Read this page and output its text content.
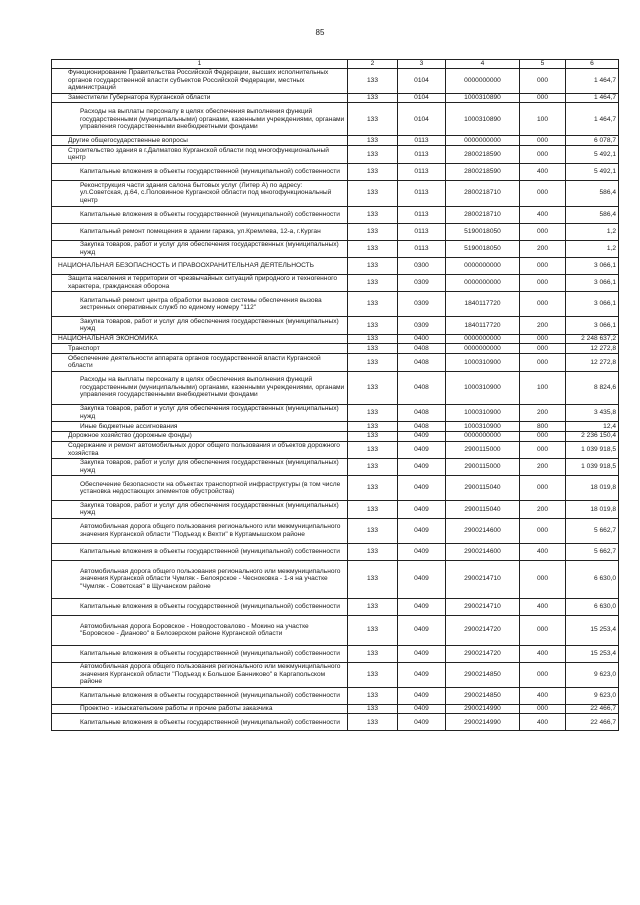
85
1	2	3	4	5	6
Функционирование Правительства Российской Федерации, высших исполнительных органов государственной власти субъектов Российской Федерации, местных администраций	133	0104	0000000000	000	1 464,7
Заместители Губернатора Курганской области	133	0104	1000310890	000	1 464,7
Расходы на выплаты персоналу в целях обеспечения выполнения функций государственными (муниципальными) органами, казенными учреждениями, органами управления государственными внебюджетными фондами	133	0104	1000310890	100	1 464,7
Другие общегосударственные вопросы	133	0113	0000000000	000	6 078,7
Строительство здания в г.Далматово Курганской области под многофункциональный центр	133	0113	2800218590	000	5 492,1
Капитальные вложения в объекты государственной (муниципальной) собственности	133	0113	2800218590	400	5 492,1
Реконструкция части здания салона бытовых услуг (Литер А) по адресу: ул.Советская, д.64, с.Половинное Курганской области под многофункциональный центр	133	0113	2800218710	000	586,4
Капитальные вложения в объекты государственной (муниципальной) собственности	133	0113	2800218710	400	586,4
Капитальный ремонт помещения в здании гаража, ул.Кремлева, 12-а, г.Курган	133	0113	5190018050	000	1,2
Закупка товаров, работ и услуг для обеспечения государственных (муниципальных) нужд	133	0113	5190018050	200	1,2
НАЦИОНАЛЬНАЯ БЕЗОПАСНОСТЬ И ПРАВООХРАНИТЕЛЬНАЯ ДЕЯТЕЛЬНОСТЬ	133	0300	0000000000	000	3 066,1
Защита населения и территории от чрезвычайных ситуаций природного и техногенного характера, гражданская оборона	133	0309	0000000000	000	3 066,1
Капитальный ремонт центра обработки вызовов системы обеспечения вызова экстренных оперативных служб по единому номеру "112"	133	0309	1840117720	000	3 066,1
Закупка товаров, работ и услуг для обеспечения государственных (муниципальных) нужд	133	0309	1840117720	200	3 066,1
НАЦИОНАЛЬНАЯ ЭКОНОМИКА	133	0400	0000000000	000	2 248 637,2
Транспорт	133	0408	0000000000	000	12 272,8
Обеспечение деятельности аппарата органов государственной власти Курганской области	133	0408	1000310900	000	12 272,8
Расходы на выплаты персоналу в целях обеспечения выполнения функций государственными (муниципальными) органами, казенными учреждениями, органами управления государственными внебюджетными фондами	133	0408	1000310900	100	8 824,6
Закупка товаров, работ и услуг для обеспечения государственных (муниципальных) нужд	133	0408	1000310900	200	3 435,8
Иные бюджетные ассигнования	133	0408	1000310900	800	12,4
Дорожное хозяйство (дорожные фонды)	133	0409	0000000000	000	2 236 150,4
Содержание и ремонт автомобильных дорог общего пользования и объектов дорожного хозяйства	133	0409	2900115000	000	1 039 918,5
Закупка товаров, работ и услуг для обеспечения государственных (муниципальных) нужд	133	0409	2900115000	200	1 039 918,5
Обеспечение безопасности на объектах транспортной инфраструктуры (в том числе установка недостающих элементов обустройства)	133	0409	2900115040	000	18 019,8
Закупка товаров, работ и услуг для обеспечения государственных (муниципальных) нужд	133	0409	2900115040	200	18 019,8
Автомобильная дорога общего пользования регионального или межмуниципального значения Курганской области "Подъезд к Вехти" в Куртамышском районе	133	0409	2900214600	000	5 662,7
Капитальные вложения в объекты государственной (муниципальной) собственности	133	0409	2900214600	400	5 662,7
Автомобильная дорога общего пользования регионального или межмуниципального значения Курганской области Чумляк - Белоярское - Чесноковка - 1-я на участке "Чумляк - Советская" в Щучанском районе	133	0409	2900214710	000	6 630,0
Капитальные вложения в объекты государственной (муниципальной) собственности	133	0409	2900214710	400	6 630,0
Автомобильная дорога Боровское - Новодостовалово - Мокино на участке "Боровское - Дианово" в Белозерском районе Курганской области	133	0409	2900214720	000	15 253,4
Капитальные вложения в объекты государственной (муниципальной) собственности	133	0409	2900214720	400	15 253,4
Автомобильная дорога общего пользования регионального или межмуниципального значения Курганской области "Подъезд к Большое Банниково" в Каргапольском районе	133	0409	2900214850	000	9 623,0
Капитальные вложения в объекты государственной (муниципальной) собственности	133	0409	2900214850	400	9 623,0
Проектно - изыскательские работы и прочие работы заказчика	133	0409	2900214990	000	22 466,7
Капитальные вложения в объекты государственной (муниципальной) собственности	133	0409	2900214990	400	22 466,7
